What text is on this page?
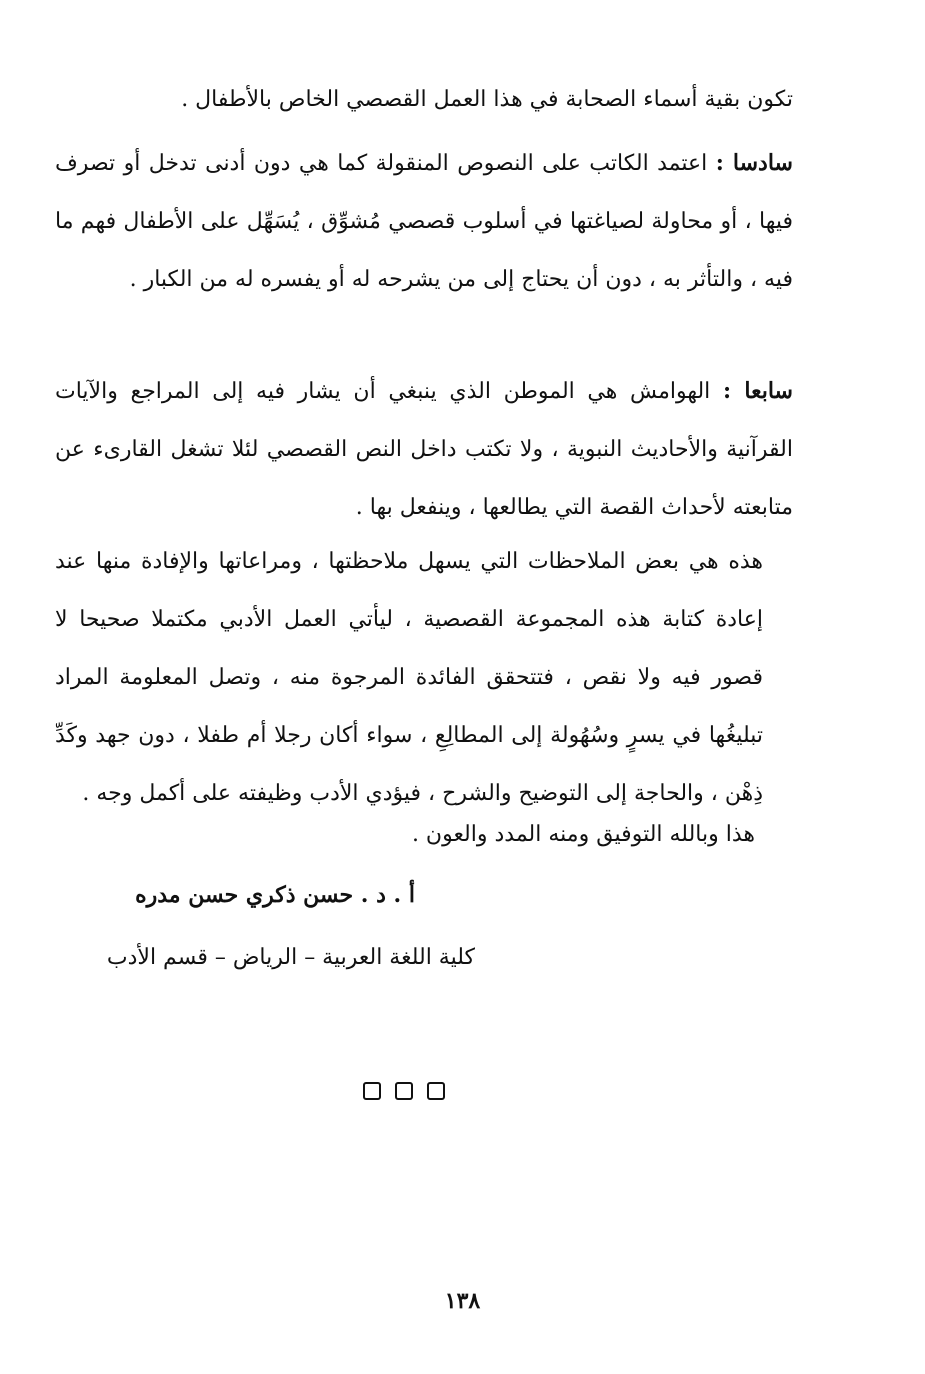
تكون بقية أسماء الصحابة في هذا العمل القصصي الخاص بالأطفال .

سادسا : اعتمد الكاتب على النصوص المنقولة كما هي دون أدنى تدخل أو تصرف فيها ، أو محاولة لصياغتها في أسلوب قصصي مُشوِّق ، يُسَهِّل على الأطفال فهم ما فيه ، والتأثر به ، دون أن يحتاج إلى من يشرحه له أو يفسره له من الكبار .

سابعا : الهوامش هي الموطن الذي ينبغي أن يشار فيه إلى المراجع والآيات القرآنية والأحاديث النبوية ، ولا تكتب داخل النص القصصي لئلا تشغل القارىء عن متابعته لأحداث القصة التي يطالعها ، وينفعل بها .

هذه هي بعض الملاحظات التي يسهل ملاحظتها ، ومراعاتها والإفادة منها عند إعادة كتابة هذه المجموعة القصصية ، ليأتي العمل الأدبي مكتملا صحيحا لا قصور فيه ولا نقص ، فتتحقق الفائدة المرجوة منه ، وتصل المعلومة المراد تبليغُها في يسرٍ وسُهُولة إلى المطالِعِ ، سواء أكان رجلا أم طفلا ، دون جهد وكَدِّ ذِهْن ، والحاجة إلى التوضيح والشرح ، فيؤدي الأدب وظيفته على أكمل وجه .

هذا وبالله التوفيق ومنه المدد والعون .
أ . د . حسن ذكري حسن مدره
كلية اللغة العربية – الرياض – قسم الأدب
١٣٨
